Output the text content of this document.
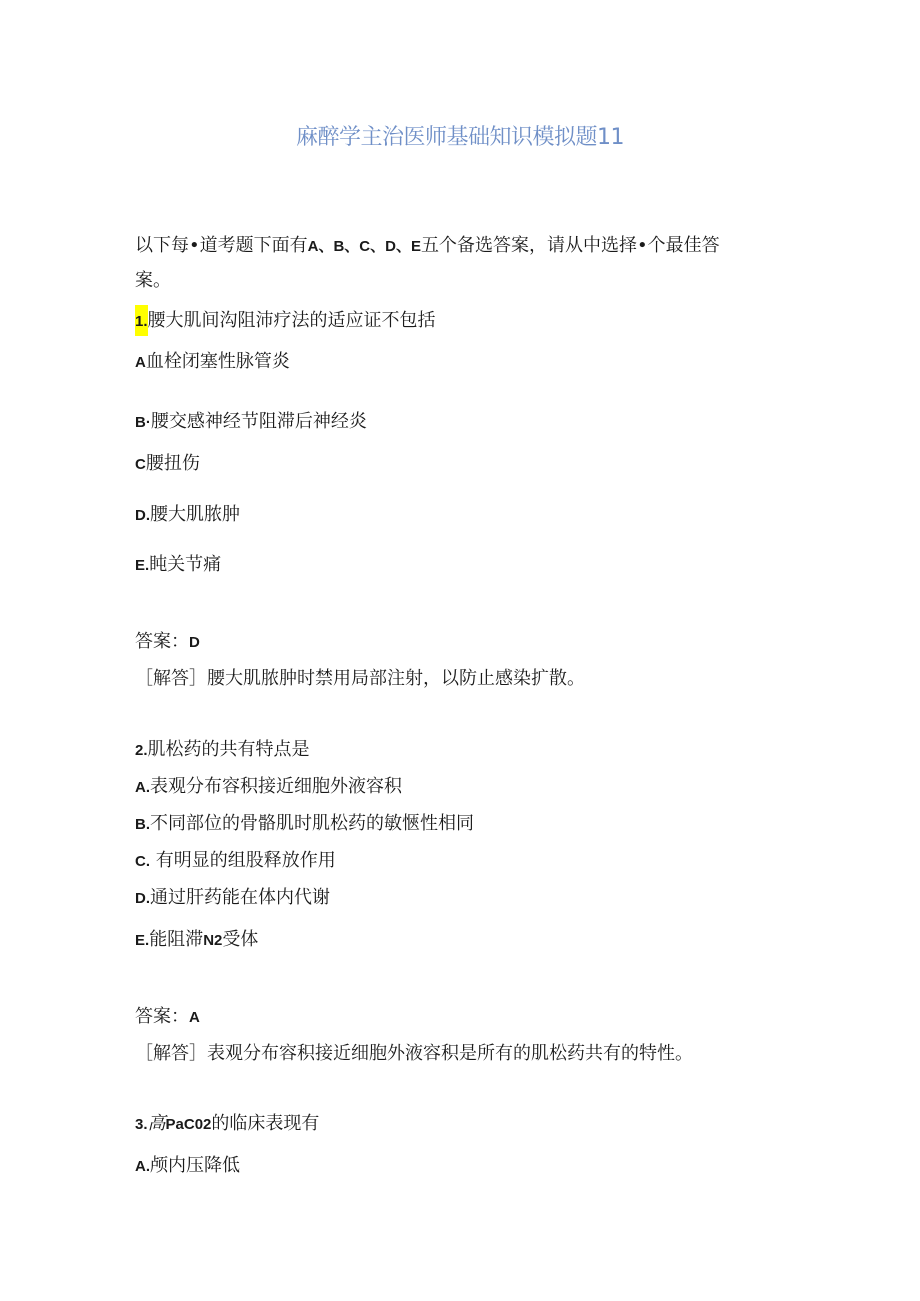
麻醉学主治医师基础知识模拟题11
以下每•道考题下面有A、B、C、D、E五个备选答案，请从中选择•个最佳答
案。
1.腰大肌间沟阻沛疗法的适应证不包括
A血栓闭塞性脉管炎
B·腰交感神经节阻滞后神经炎
C腰扭伤
D.腰大肌脓肿
E.盹关节痛
答案：D
［解答］腰大肌脓肿时禁用局部注射，以防止感染扩散。
2.肌松药的共有特点是
A.表观分布容积接近细胞外液容积
B.不同部位的骨骼肌时肌松药的敏愜性相同
C. 有明显的组股释放作用
D.通过肝药能在体内代谢
E.能阻滞N2受体
答案：A
［解答］表观分布容积接近细胞外液容积是所有的肌松药共有的特性。
3.高PaC02的临床表现有
A.颅内压降低
